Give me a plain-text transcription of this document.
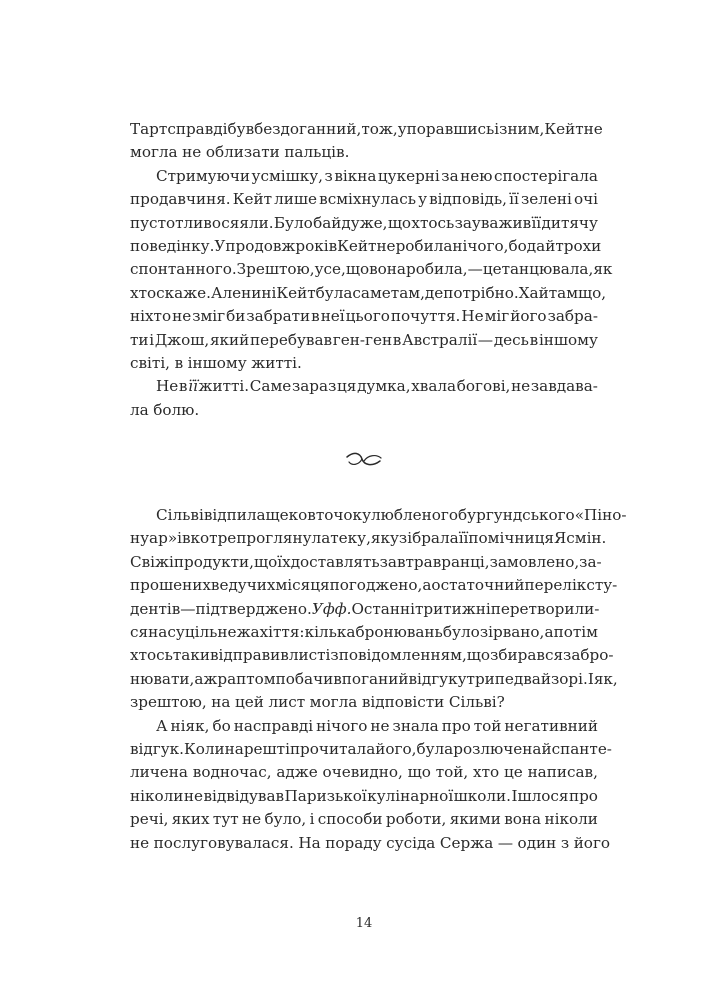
Тарт справді був бездоганний, тож, упоравшись із ним, Кейт не
могла не облизати пальців.
Стримуючи усмішку, з вікна цукерні за нею спостерігала
продавчиня. Кейт лише всміхнулась у відповідь, її зелені очі
пустотливо сяяли. Було байдуже, що хтось зауважив її дитячу
поведінку. Упродовж років Кейт не робила нічого, бодай трохи
спонтанного. Зрештою, усе, що вона робила, — це танцювала, як
хто скаже. Але нині Кейт була саме там, де потрібно. Хай там що,
ніхто не зміг би забрати в неї цього почуття. Не міг його забра-
ти і Джош, який перебував ген-ген в Австралії — десь в іншому
світі, в іншому житті.
Не в її житті. Саме зараз ця думка, хвала богові, не завдава-
ла болю.
Сільві відпила ще ковточок улюбленого бургундського «Піно-
нуар» і вкотре проглянула теку, яку зібрала її помічниця Ясмін.
Свіжі продукти, що їх доставлять завтра вранці, замовлено, за-
прошених ведучих місяця погоджено, а остаточний перелік сту-
дентів — підтверджено. Уфф. Останні три тижні перетворили-
ся на суцільне жахіття: кілька бронювань було зірвано, а потім
хтось таки відправив лист із повідомленням, що збирався забро-
нювати, аж раптом побачив поганий відгук у трипедвайзорі. І як,
зрештою, на цей лист могла відповісти Сільві?
А ніяк, бо насправді нічого не знала про той негативний
відгук. Коли нарешті прочитала його, була розлючена й спанте-
личена водночас, адже очевидно, що той, хто це написав,
ніколи не відвідував Паризької кулінарної школи. Ішлося про
речі, яких тут не було, і способи роботи, якими вона ніколи
не послуговувалася. На пораду сусіда Сержа — один з його
14
